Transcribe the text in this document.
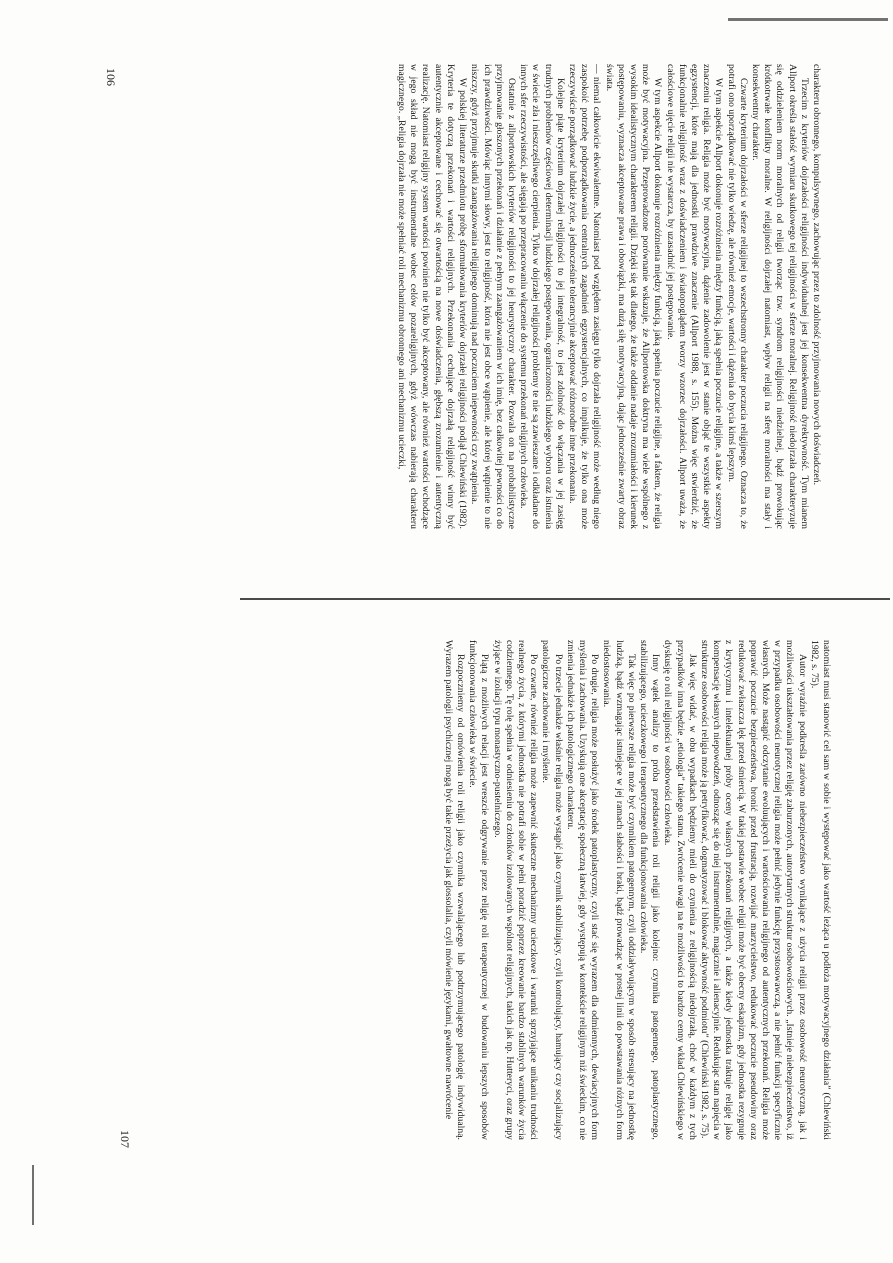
charakteru obronnego, kompulsywnego, zachowując przez to zdolność przyjmowania nowych doświadczeń.

Trzecim z kryteriów dojrzałości religijności indywidualnej jest jej konsekwentna dyrektywność. Tym mianem Allport określa stałość wymiaru skutkowego tej religijności w sferze moralnej. Religijność niedojrzała charakteryzuje się oddzieleniem norm moralnych od religii tworząc tzw. syndrom religijności niedzielnej, bądź prowokując krótkotrwałe konflikty moralne. W religijności dojrzałej natomiast, wpływ religii na sferę moralności ma stały i konsekwentny charakter.

Czwarte kryterium dojrzałości w sferze religijnej to wszechstronny charakter poczucia religijnego. Oznacza to, że potrafi ono uporządkować nie tylko wiedzę, ale również emocje, wartości i dążenia do bycia kimś lepszym.

W tym aspekcie Allport dokonuje rozróżnienia między funkcją, jaką spełnia poczucie religijne, a także w szerszym znaczeniu religia. Religia może być motywacyjna, dążenie zadowolenie jest w stanie objąć te wszystkie aspekty egzystencji, które mają dla jednostki prawdziwe znaczenie (Allport 1988, s. 155). Można więc stwierdzić, że funkcjonalnie religijność wraz z doświadczeniem i światopoglądem tworzy wzorzec dojrzałości. Allport uważa, że całościowe ujęcie religii nie wystarcza, by uzasadnić jej postępowanie.

W tym aspekcie Allport dokonuje rozróżnienia między funkcją, jaką spełnia poczucie religijne, a faktem, że religia może być motywacyjna. Przeprowadzone porównanie wskazuje, że Allportowska doktryna ma wiele wspólnego z wysokim idealistycznym charakterem religii. Dzięki się tak dlatego, że także oddanie nadaje zrozumiałości i kierunek postępowaniu, wyznacza akceptowane prawa i obowiązki, ma dużą siłę motywacyjną, dając jednocześnie zwarty obraz świata.

— niemal całkowicie ekwiwalentne. Natomiast pod względem zasięgu tylko dojrzała religijność może według niego zaspokoić potrzebę podporządkowania centralnych zagadnień egzystencjalnych, co implikuje, że tylko ona może rzeczywiście porządkować ludzkie życie, a jednocześnie tolerancyjnie akceptować różnorodne inne przekonania.

Kolejne piąte kryterium dojrzałej religijności to jej integralność, to jest zdolność do włączania w jej zasięg trudnych problemów częściowej determinacji ludzkiego postępowania, ograniczoności ludzkiego wyboru oraz istnienia w świecie zła i nieszczęśliwego cierpienia. Tylko w dojrzałej religijności problemy te nie są zawieszane i odkładane do innych sfer rzeczywistości, ale sięgają po przepracowaniu włączenie do systemu przekonań religijnych człowieka.

Ostatnie z allportowskich kryteriów religijności to jej heurystyczny charakter. Pozwala on na probabilistyczne przyjmowanie głoszonych przekonań i działanie z pełnym zaangażowaniem w ich imię, bez całkowitej pewności co do ich prawdziwości. Mówiąc innymi słowy, jest to religijność, która nie jest obce wątpienie, ale której wątpienie to nie niszczy, gdyż przyjmuje skutki zaangażowania religijnego dominują nad poczuciem niepewności czy zwątpienia.

W polskiej literaturze przedmiotu próbę sformułowania kryteriów dojrzałej religijności podjął Chlewiński (1982). Kryteria te dotyczą przekonań i wartości religijnych. Przekonania cechujące dojrzałą religijność winny być autentycznie akceptowane i cechować się otwartością na nowe doświadczenia, głębszą zrozumienie i autentyczną realizację. Natomiast religijny system wartości powinien nie tylko być akceptowany, ale również wartości wchodzące w jego skład nie mogą być instrumentalne wobec celów pozareligijnych, gdyż wówczas nabierają charakteru magicznego. „Religia dojrzała nie może spełniać roli mechanizmu obronnego ani mechanizmu ucieczki,

106

natomiast musi stanowić cel sam w sobie i występować jako wartość leżąca u podłoża motywacyjnego działania” (Chlewiński 1982, s. 75).

Autor wyraźnie podkreśla zarówno niebezpieczeństwo wynikające z użycia religii przez osobowość neurotyczną, jak i możliwości ukształtowania przez religię zaburzonych, autorytarnych struktur osobowościowych. „Istnieje niebezpieczeństwo, iż w przypadku osobowości neurotycznej religia może pełnić jedynie funkcję przystosowawczą, a nie pełnić funkcji specyficznie własnych. Może nastąpić odczytanie ewoluujących i wartościowania religijnego od autentycznych przekonań. Religia może poprawić poczucie bezpieczeństwa, bronić przed frustracją, rozwijać marzycielstwo, redukować poczucie pseudowiny oraz redukować zwłaszcza lęk przed śmiercią. W takiej postawie wobec religii może być obecny eskapizm, gdy jednostka rezygnuje z krytycyzmu i intelektualnej próby oceny własnych przekonań religijnych, a także kiedy jednostka traktuje religię jako kompensację własnych niepowodzeń, odnosząc się do niej instrumentalnie, magicznie i alienacyjnie. Redukując stan napięcia w strukturze osobowości religia może ją petryfikować, dogmatyzować i blokować aktywność podmiotu” (Chlewiński 1982, s. 75).

Jak więc widać, w obu wypadkach będziemy mieli do czynienia z religijnością niedojrzałą, choć w każdym z tych przypadków inna będzie „etiologia” takiego stanu. Zwrócenie uwagi na te możliwości to bardzo cenny wkład Chlewińskiego w dyskusję o roli religijności w osobowości człowieka.

Inny wątek analizy to próba przedstawienia roli religii jako kolejno: czynnika patogennego, patoplastycznego, stabilizującego, ucieczkowego i terapeutycznego dla funkcjonowania człowieka.

Tak więc po pierwsze religia może być czynnikiem patogennym, czyli oddziaływującym w sposób stresujący na jednostkę ludzką, bądź wzmagając istniejące w jej ramach słabości i braki, bądź prowadząc w prostej linii do powstawania różnych form niedostosowania.

Po drugie, religia może posłużyć jako środek patoplastyczny, czyli stać się wyrazem dla odmiennych, dewiacyjnych form myślenia i zachowania. Uzyskują one akceptację społeczną łatwiej, gdy występują w kontekście religijnym niż świeckim, co nie zmienia jednakże ich patologicznego charakteru.

Po trzecie jednakże właśnie religia może wystąpić jako czynnik stabilizujący, czyli kontrolujący, hamujący czy socjalizujący patologiczne zachowanie i myślenie.

Po czwarte, również religia może zapewnić skuteczne mechanizmy ucieczkowe i warunki sprzyjające unikaniu trudności realnego życia, z którymi jednostka nie potrafi sobie w pełni poradzić poprzez kreowanie bardzo stabilnych warunków życia codziennego. Tę rolę spełnia w odniesieniu do członków izolowanych wspólnot religijnych, takich jak np. Hutteryci, oraz grupy żyjące w izolacji typu monastyczno-pustelniczego.

Piątą z możliwych relacji jest wreszcie odgrywanie przez religię roli terapeutycznej w budowaniu lepszych sposobów funkcjonowania człowieka w świecie.

Rozpoczniemy od omówienia roli religii jako czynnika wzwalającego lub podtrzymującego patologię indywidualną. Wyrazem patologii psychicznej mogą być takie przeżycia jak glossolalia, czyli mówienie językami, gwałtowne nawrócenie

107
